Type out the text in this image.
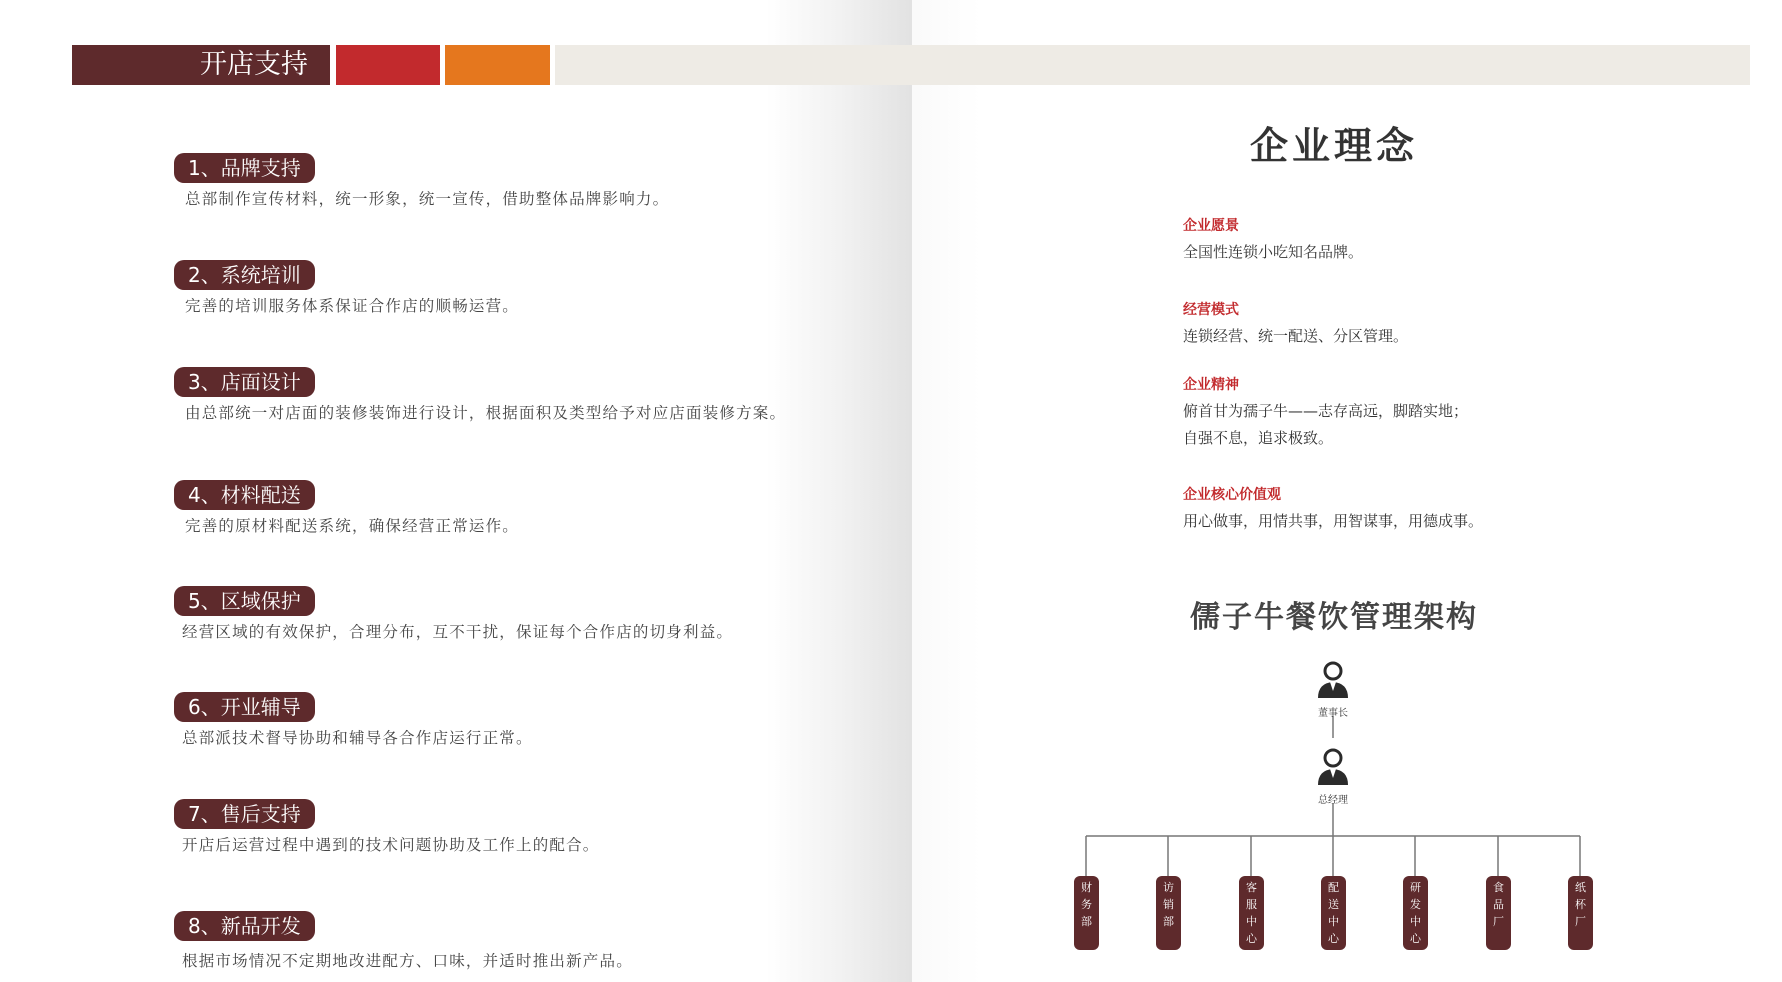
开店支持
1、品牌支持
总部制作宣传材料，统一形象，统一宣传，借助整体品牌影响力。
2、系统培训
完善的培训服务体系保证合作店的顺畅运营。
3、店面设计
由总部统一对店面的装修装饰进行设计，根据面积及类型给予对应店面装修方案。
4、材料配送
完善的原材料配送系统，确保经营正常运作。
5、区域保护
经营区域的有效保护，合理分布，互不干扰，保证每个合作店的切身利益。
6、开业辅导
总部派技术督导协助和辅导各合作店运行正常。
7、售后支持
开店后运营过程中遇到的技术问题协助及工作上的配合。
8、新品开发
根据市场情况不定期地改进配方、口味，并适时推出新产品。
企业理念
企业愿景
全国性连锁小吃知名品牌。
经营模式
连锁经营、统一配送、分区管理。
企业精神
俯首甘为孺子牛——志存高远，脚踏实地；
自强不息，追求极致。
企业核心价值观
用心做事，用情共事，用智谋事，用德成事。
儒子牛餐饮管理架构
董事长
总经理
财
务
部
访
销
部
客
服
中
心
配
送
中
心
研
发
中
心
食
品
厂
纸
杯
厂
